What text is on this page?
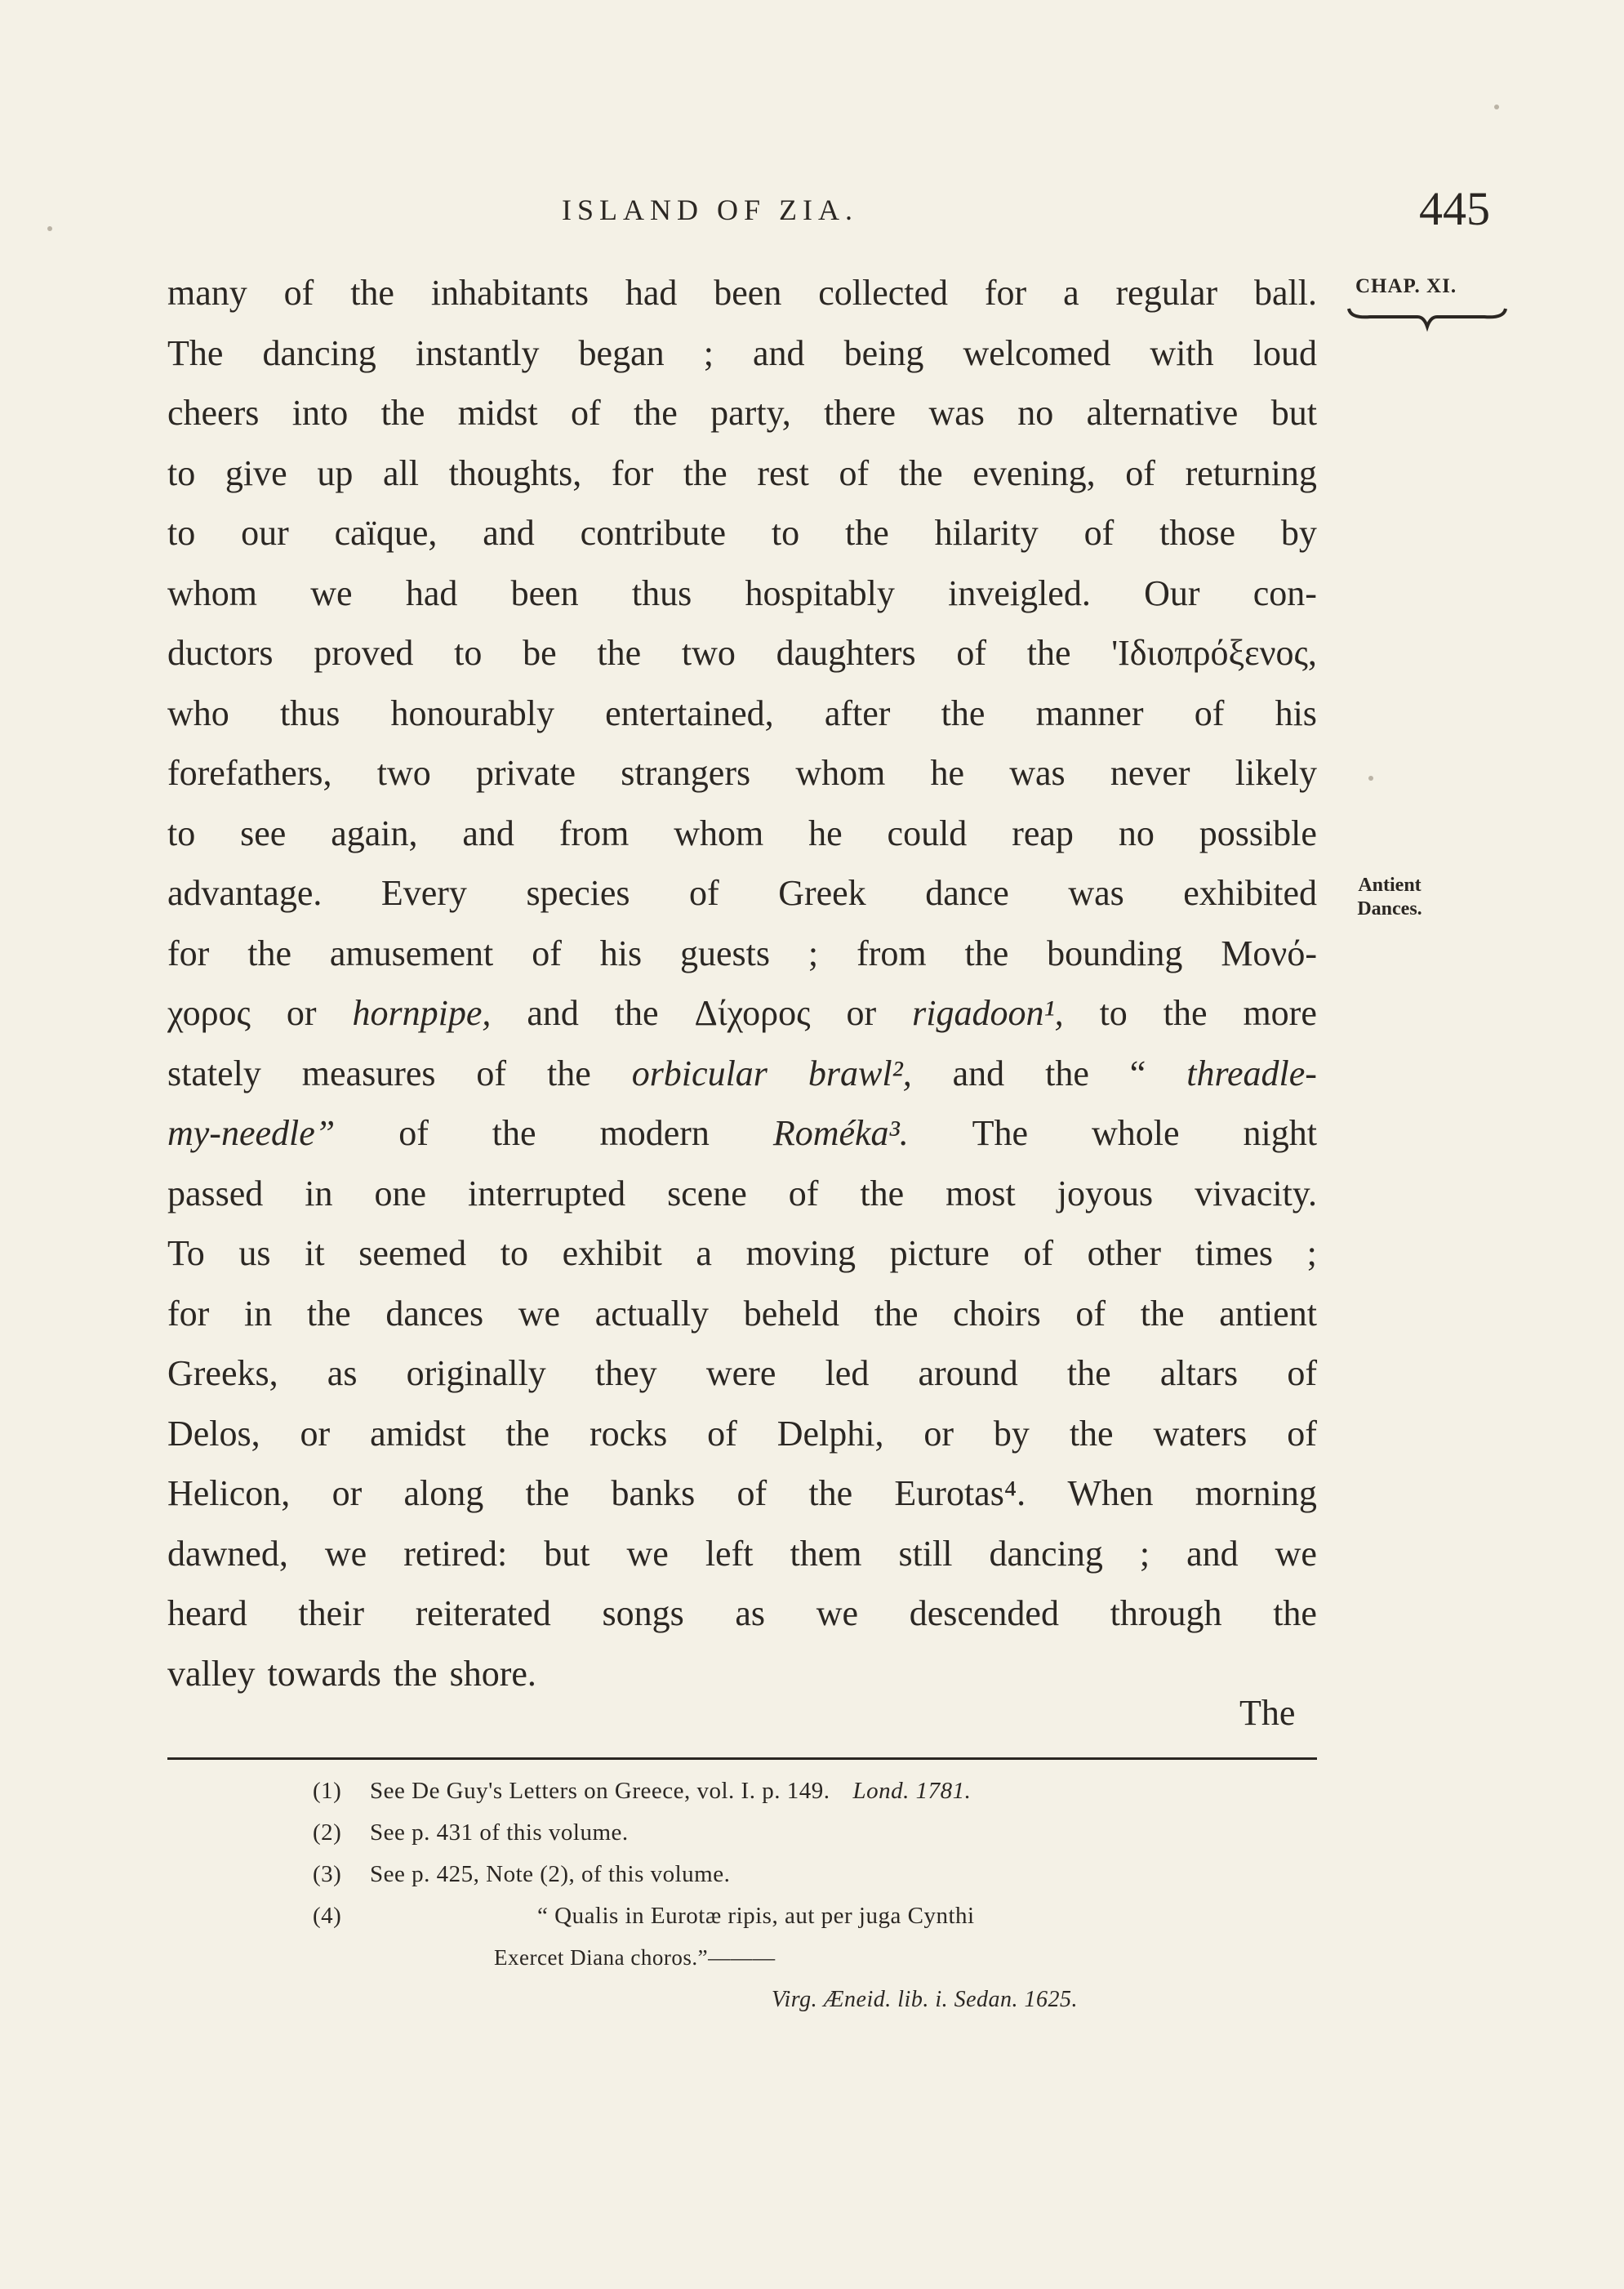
ISLAND OF ZIA.	445
CHAP. XI.
Antient
Dances.
many of the inhabitants had been collected for a regular ball.
The dancing instantly began ; and being welcomed with loud
cheers into the midst of the party, there was no alternative but
to give up all thoughts, for the rest of the evening, of returning
to our caïque, and contribute to the hilarity of those by
whom we had been thus hospitably inveigled. Our con-
ductors proved to be the two daughters of the 'Ιδιοπρόξενος,
who thus honourably entertained, after the manner of his
forefathers, two private strangers whom he was never likely
to see again, and from whom he could reap no possible
advantage. Every species of Greek dance was exhibited
for the amusement of his guests ; from the bounding Μονό-
χορος or hornpipe, and the Δίχορος or rigadoon¹, to the more
stately measures of the orbicular brawl², and the “ threadle-
my-needle” of the modern Roméka³. The whole night
passed in one interrupted scene of the most joyous vivacity.
To us it seemed to exhibit a moving picture of other times ;
for in the dances we actually beheld the choirs of the antient
Greeks, as originally they were led around the altars of
Delos, or amidst the rocks of Delphi, or by the waters of
Helicon, or along the banks of the Eurotas⁴. When morning
dawned, we retired: but we left them still dancing ; and we
heard their reiterated songs as we descended through the
valley towards the shore.
The
(1)	See De Guy's Letters on Greece, vol. I. p. 149. Lond. 1781.
(2)	See p. 431 of this volume.
(3)	See p. 425, Note (2), of this volume.
(4)	“ Qualis in Eurotæ ripis, aut per juga Cynthi
Exercet Diana choros.”———
Virg. Æneid. lib. i. Sedan. 1625.
